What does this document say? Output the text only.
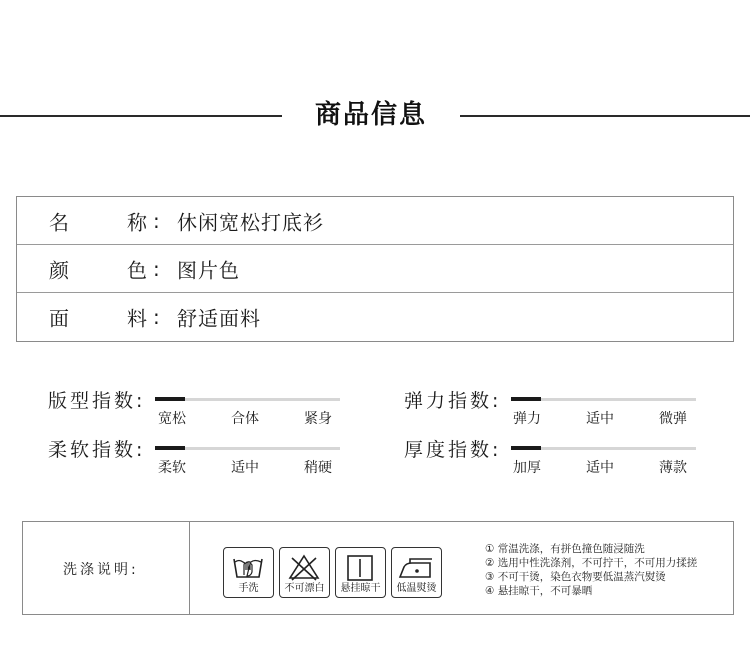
商品信息
名	称 : 休闲宽松打底衫
颜	色 : 图片色
面	料 : 舒适面料
版型指数:
宽松	合体	紧身
弹力指数:
弹力	适中	微弹
柔软指数:
柔软	适中	稍硬
厚度指数:
加厚	适中	薄款
洗涤说明:
手洗	不可漂白	悬挂晾干	低温熨烫
① 常温洗涤，有拼色撞色随浸随洗
② 选用中性洗涤剂，不可拧干，不可用力揉搓
③ 不可干烫，染色衣物要低温蒸汽熨烫
④ 悬挂晾干，不可暴晒
